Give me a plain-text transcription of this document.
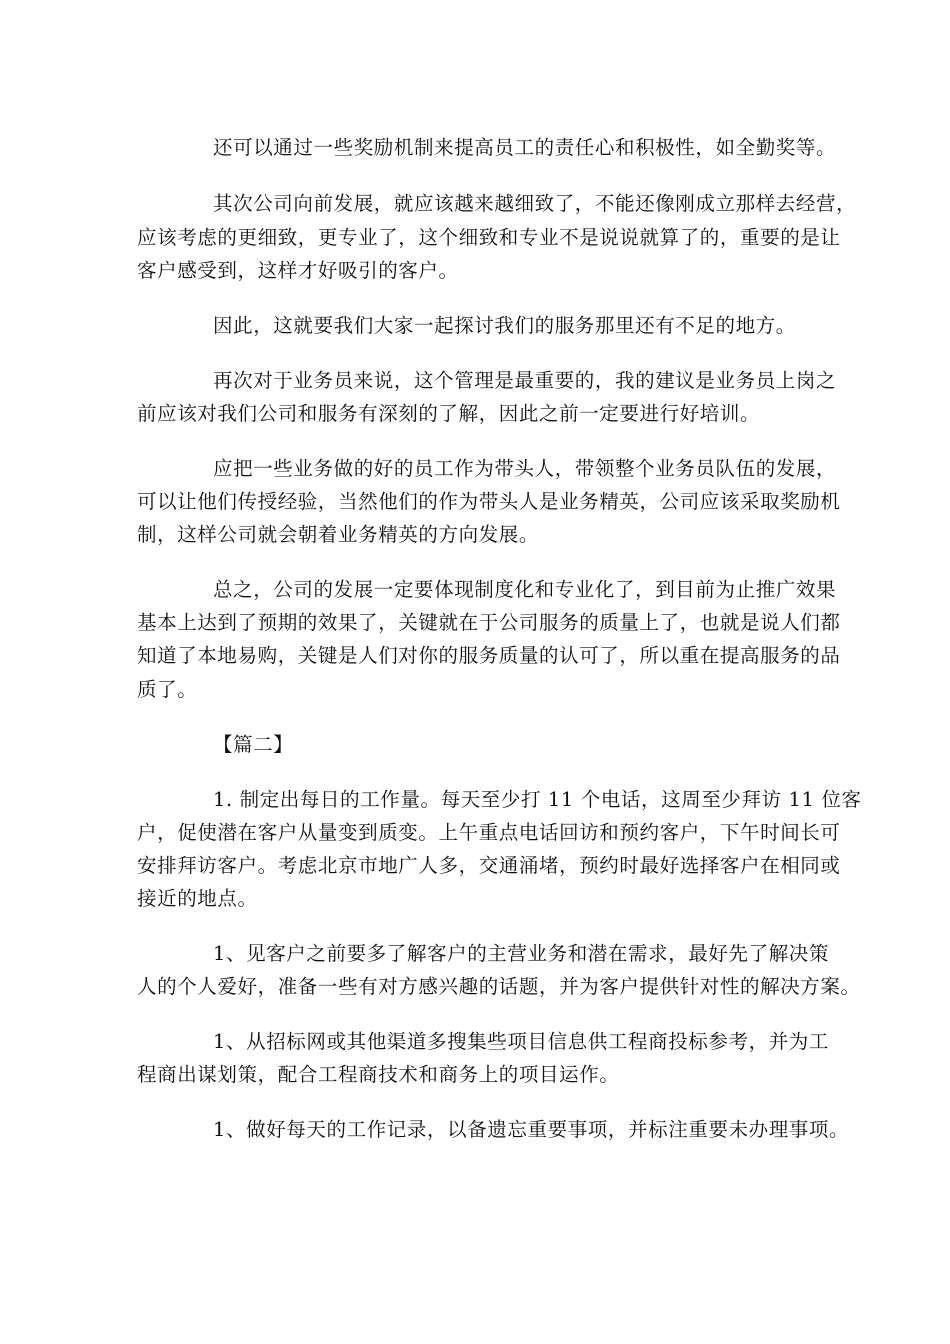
还可以通过一些奖励机制来提高员工的责任心和积极性，如全勤奖等。
其次公司向前发展，就应该越来越细致了，不能还像刚成立那样去经营，
应该考虑的更细致，更专业了，这个细致和专业不是说说就算了的，重要的是让
客户感受到，这样才好吸引的客户。
因此，这就要我们大家一起探讨我们的服务那里还有不足的地方。
再次对于业务员来说，这个管理是最重要的，我的建议是业务员上岗之
前应该对我们公司和服务有深刻的了解，因此之前一定要进行好培训。
应把一些业务做的好的员工作为带头人，带领整个业务员队伍的发展，
可以让他们传授经验，当然他们的作为带头人是业务精英，公司应该采取奖励机
制，这样公司就会朝着业务精英的方向发展。
总之，公司的发展一定要体现制度化和专业化了，到目前为止推广效果
基本上达到了预期的效果了，关键就在于公司服务的质量上了，也就是说人们都
知道了本地易购，关键是人们对你的服务质量的认可了，所以重在提高服务的品
质了。
【篇二】
1. 制定出每日的工作量。每天至少打 11 个电话，这周至少拜访 11 位客
户，促使潜在客户从量变到质变。上午重点电话回访和预约客户，下午时间长可
安排拜访客户。考虑北京市地广人多，交通涌堵，预约时最好选择客户在相同或
接近的地点。
1、见客户之前要多了解客户的主营业务和潜在需求，最好先了解决策
人的个人爱好，准备一些有对方感兴趣的话题，并为客户提供针对性的解决方案。
1、从招标网或其他渠道多搜集些项目信息供工程商投标参考，并为工
程商出谋划策，配合工程商技术和商务上的项目运作。
1、做好每天的工作记录，以备遗忘重要事项，并标注重要未办理事项。
